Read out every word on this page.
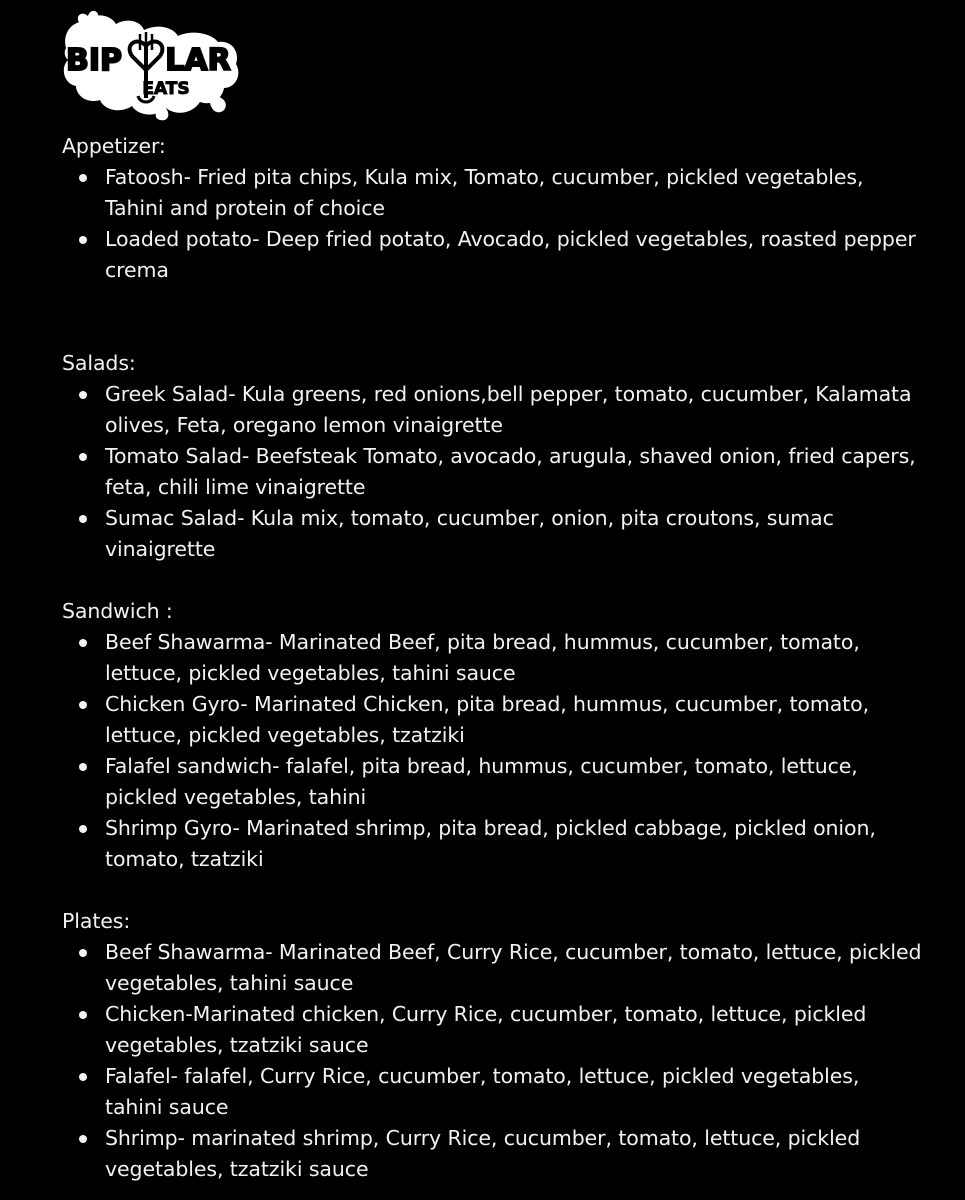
BIP LAR
EATS
Appetizer:
Fatoosh- Fried pita chips, Kula mix, Tomato, cucumber, pickled vegetables, Tahini and protein of choice
Loaded potato- Deep fried potato, Avocado, pickled vegetables, roasted pepper crema
Salads:
Greek Salad- Kula greens, red onions,bell pepper, tomato, cucumber, Kalamata olives, Feta, oregano lemon vinaigrette
Tomato Salad- Beefsteak Tomato, avocado, arugula, shaved onion, fried capers, feta, chili lime vinaigrette
Sumac Salad- Kula mix, tomato, cucumber, onion, pita croutons, sumac vinaigrette
Sandwich :
Beef Shawarma- Marinated Beef, pita bread, hummus, cucumber, tomato, lettuce, pickled vegetables, tahini sauce
Chicken Gyro- Marinated Chicken, pita bread, hummus, cucumber, tomato, lettuce, pickled vegetables, tzatziki
Falafel sandwich- falafel, pita bread, hummus, cucumber, tomato, lettuce, pickled vegetables, tahini
Shrimp Gyro- Marinated shrimp, pita bread, pickled cabbage, pickled onion, tomato, tzatziki
Plates:
Beef Shawarma- Marinated Beef, Curry Rice, cucumber, tomato, lettuce, pickled vegetables, tahini sauce
Chicken-Marinated chicken, Curry Rice, cucumber, tomato, lettuce, pickled vegetables, tzatziki sauce
Falafel- falafel, Curry Rice, cucumber, tomato, lettuce, pickled vegetables, tahini sauce
Shrimp- marinated shrimp, Curry Rice, cucumber, tomato, lettuce, pickled vegetables, tzatziki sauce
